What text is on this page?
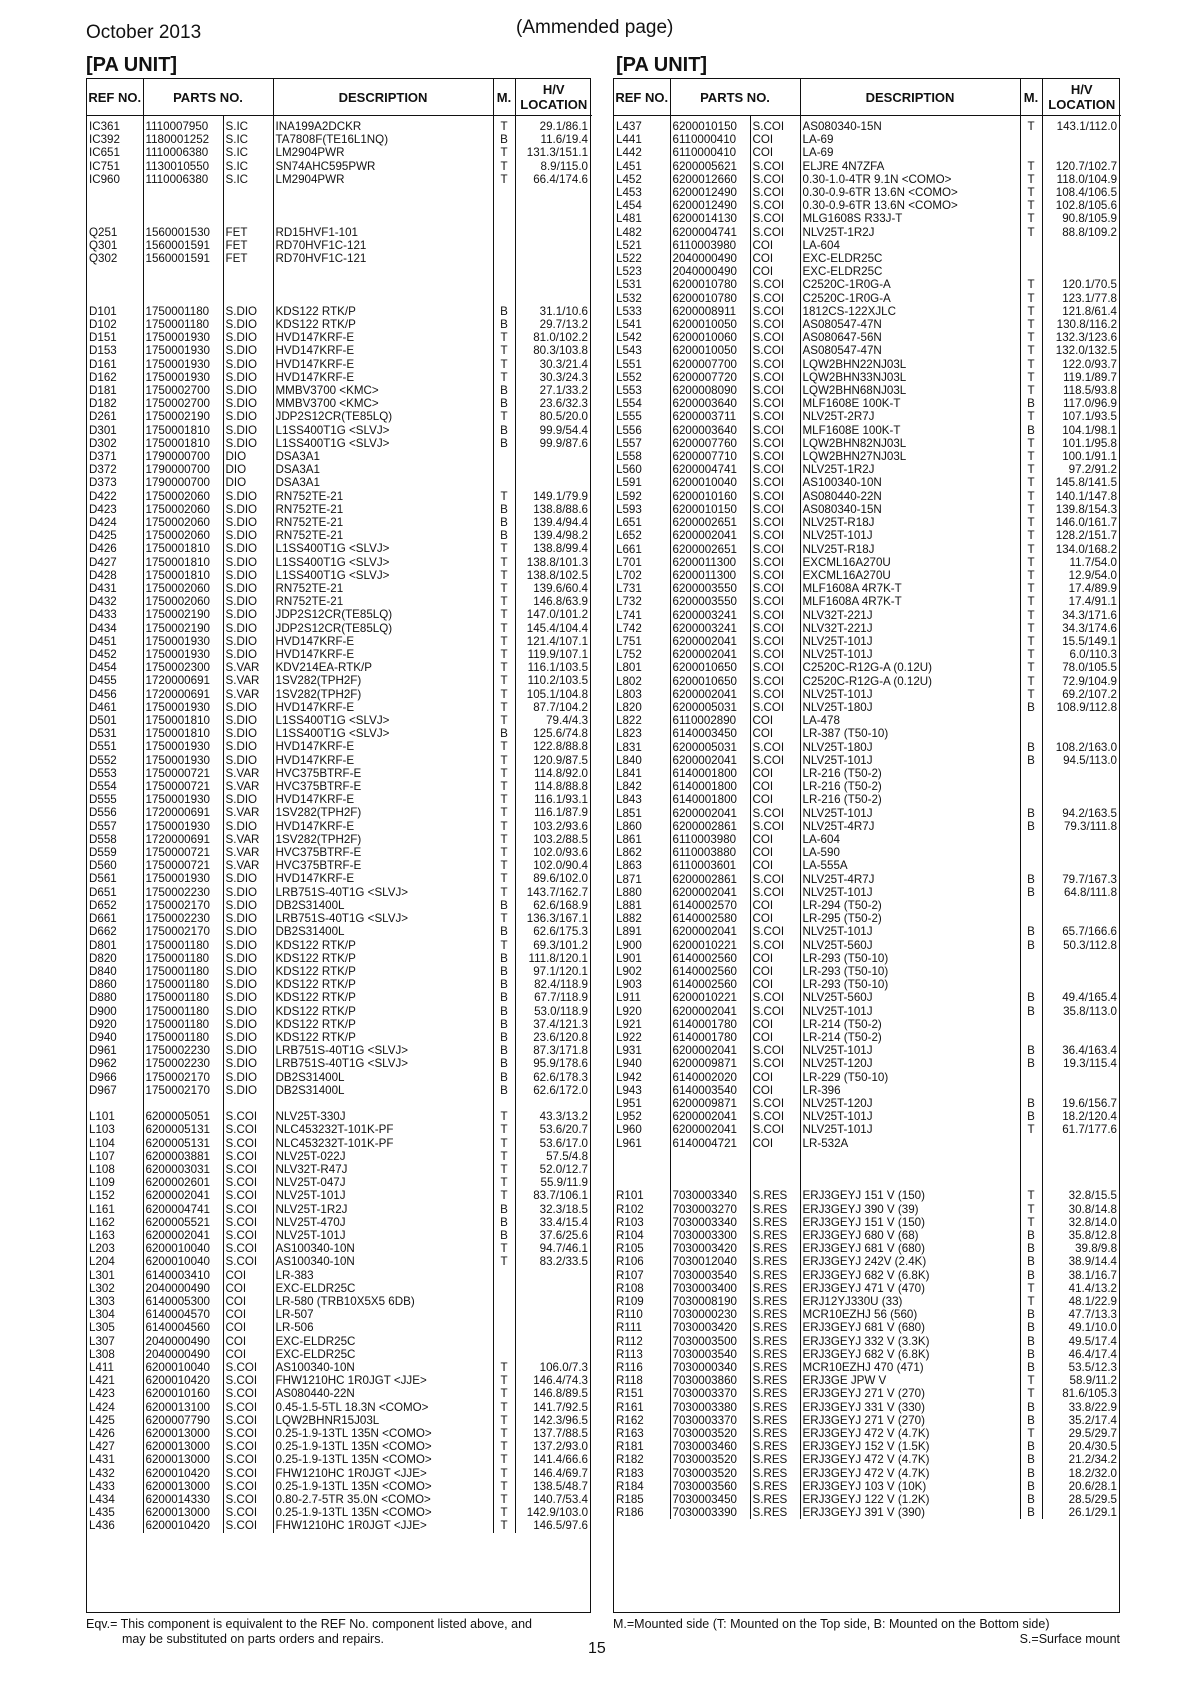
October 2013	(Ammended page)
[PA UNIT]	[PA UNIT]
REF NO.	PARTS NO.		DESCRIPTION	M.	H/V LOCATION
IC361	1110007950	S.IC	INA199A2DCKR	T	29.1/86.1
IC392	1180001252	S.IC	TA7808F(TE16L1NQ)	B	11.6/19.4
IC651	1110006380	S.IC	LM2904PWR	T	131.3/151.1
IC751	1130010550	S.IC	SN74AHC595PWR	T	8.9/115.0
IC960	1110006380	S.IC	LM2904PWR	T	66.4/174.6

Q251	1560001530	FET	RD15HVF1-101		
Q301	1560001591	FET	RD70HVF1C-121		
Q302	1560001591	FET	RD70HVF1C-121		

D101	1750001180	S.DIO	KDS122 RTK/P	B	31.1/10.6
D102	1750001180	S.DIO	KDS122 RTK/P	B	29.7/13.2
D151	1750001930	S.DIO	HVD147KRF-E	T	81.0/102.2
D153	1750001930	S.DIO	HVD147KRF-E	T	80.3/103.8
D161	1750001930	S.DIO	HVD147KRF-E	T	30.3/21.4
D162	1750001930	S.DIO	HVD147KRF-E	T	30.3/24.3
D181	1750002700	S.DIO	MMBV3700 <KMC>	B	27.1/33.2
D182	1750002700	S.DIO	MMBV3700 <KMC>	B	23.6/32.3
D261	1750002190	S.DIO	JDP2S12CR(TE85LQ)	T	80.5/20.0
D301	1750001810	S.DIO	L1SS400T1G <SLVJ>	B	99.9/54.4
D302	1750001810	S.DIO	L1SS400T1G <SLVJ>	B	99.9/87.6
D371	1790000700	DIO	DSA3A1		
D372	1790000700	DIO	DSA3A1		
D373	1790000700	DIO	DSA3A1		
D422	1750002060	S.DIO	RN752TE-21	T	149.1/79.9
D423	1750002060	S.DIO	RN752TE-21	B	138.8/88.6
D424	1750002060	S.DIO	RN752TE-21	B	139.4/94.4
D425	1750002060	S.DIO	RN752TE-21	B	139.4/98.2
D426	1750001810	S.DIO	L1SS400T1G <SLVJ>	T	138.8/99.4
D427	1750001810	S.DIO	L1SS400T1G <SLVJ>	T	138.8/101.3
D428	1750001810	S.DIO	L1SS400T1G <SLVJ>	T	138.8/102.5
D431	1750002060	S.DIO	RN752TE-21	T	139.6/60.4
D432	1750002060	S.DIO	RN752TE-21	T	146.8/63.9
D433	1750002190	S.DIO	JDP2S12CR(TE85LQ)	T	147.0/101.2
D434	1750002190	S.DIO	JDP2S12CR(TE85LQ)	T	145.4/104.4
D451	1750001930	S.DIO	HVD147KRF-E	T	121.4/107.1
D452	1750001930	S.DIO	HVD147KRF-E	T	119.9/107.1
D454	1750002300	S.VAR	KDV214EA-RTK/P	T	116.1/103.5
D455	1720000691	S.VAR	1SV282(TPH2F)	T	110.2/103.5
D456	1720000691	S.VAR	1SV282(TPH2F)	T	105.1/104.8
D461	1750001930	S.DIO	HVD147KRF-E	T	87.7/104.2
D501	1750001810	S.DIO	L1SS400T1G <SLVJ>	T	79.4/4.3
D531	1750001810	S.DIO	L1SS400T1G <SLVJ>	B	125.6/74.8
D551	1750001930	S.DIO	HVD147KRF-E	T	122.8/88.8
D552	1750001930	S.DIO	HVD147KRF-E	T	120.9/87.5
D553	1750000721	S.VAR	HVC375BTRF-E	T	114.8/92.0
D554	1750000721	S.VAR	HVC375BTRF-E	T	114.8/88.8
D555	1750001930	S.DIO	HVD147KRF-E	T	116.1/93.1
D556	1720000691	S.VAR	1SV282(TPH2F)	T	116.1/87.9
D557	1750001930	S.DIO	HVD147KRF-E	T	103.2/93.6
D558	1720000691	S.VAR	1SV282(TPH2F)	T	103.2/88.5
D559	1750000721	S.VAR	HVC375BTRF-E	T	102.0/93.6
D560	1750000721	S.VAR	HVC375BTRF-E	T	102.0/90.4
D561	1750001930	S.DIO	HVD147KRF-E	T	89.6/102.0
D651	1750002230	S.DIO	LRB751S-40T1G <SLVJ>	T	143.7/162.7
D652	1750002170	S.DIO	DB2S31400L	B	62.6/168.9
D661	1750002230	S.DIO	LRB751S-40T1G <SLVJ>	T	136.3/167.1
D662	1750002170	S.DIO	DB2S31400L	B	62.6/175.3
D801	1750001180	S.DIO	KDS122 RTK/P	T	69.3/101.2
D820	1750001180	S.DIO	KDS122 RTK/P	B	111.8/120.1
D840	1750001180	S.DIO	KDS122 RTK/P	B	97.1/120.1
D860	1750001180	S.DIO	KDS122 RTK/P	B	82.4/118.9
D880	1750001180	S.DIO	KDS122 RTK/P	B	67.7/118.9
D900	1750001180	S.DIO	KDS122 RTK/P	B	53.0/118.9
D920	1750001180	S.DIO	KDS122 RTK/P	B	37.4/121.3
D940	1750001180	S.DIO	KDS122 RTK/P	B	23.6/120.8
D961	1750002230	S.DIO	LRB751S-40T1G <SLVJ>	B	87.3/171.8
D962	1750002230	S.DIO	LRB751S-40T1G <SLVJ>	B	95.9/178.6
D966	1750002170	S.DIO	DB2S31400L	B	62.6/178.3
D967	1750002170	S.DIO	DB2S31400L	B	62.6/172.0

L101	6200005051	S.COI	NLV25T-330J	T	43.3/13.2
L103	6200005131	S.COI	NLC453232T-101K-PF	T	53.6/20.7
L104	6200005131	S.COI	NLC453232T-101K-PF	T	53.6/17.0
L107	6200003881	S.COI	NLV25T-022J	T	57.5/4.8
L108	6200003031	S.COI	NLV32T-R47J	T	52.0/12.7
L109	6200002601	S.COI	NLV25T-047J	T	55.9/11.9
L152	6200002041	S.COI	NLV25T-101J	T	83.7/106.1
L161	6200004741	S.COI	NLV25T-1R2J	B	32.3/18.5
L162	6200005521	S.COI	NLV25T-470J	B	33.4/15.4
L163	6200002041	S.COI	NLV25T-101J	B	37.6/25.6
L203	6200010040	S.COI	AS100340-10N	T	94.7/46.1
L204	6200010040	S.COI	AS100340-10N	T	83.2/33.5
L301	6140003410	COI	LR-383		
L302	2040000490	COI	EXC-ELDR25C		
L303	6140005300	COI	LR-580 (TRB10X5X5 6DB)		
L304	6140004570	COI	LR-507		
L305	6140004560	COI	LR-506		
L307	2040000490	COI	EXC-ELDR25C		
L308	2040000490	COI	EXC-ELDR25C		
L411	6200010040	S.COI	AS100340-10N	T	106.0/7.3
L421	6200010420	S.COI	FHW1210HC 1R0JGT <JJE>	T	146.4/74.3
L423	6200010160	S.COI	AS080440-22N	T	146.8/89.5
L424	6200013100	S.COI	0.45-1.5-5TL 18.3N <COMO>	T	141.7/92.5
L425	6200007790	S.COI	LQW2BHNR15J03L	T	142.3/96.5
L426	6200013000	S.COI	0.25-1.9-13TL 135N <COMO>	T	137.7/88.5
L427	6200013000	S.COI	0.25-1.9-13TL 135N <COMO>	T	137.2/93.0
L431	6200013000	S.COI	0.25-1.9-13TL 135N <COMO>	T	141.4/66.6
L432	6200010420	S.COI	FHW1210HC 1R0JGT <JJE>	T	146.4/69.7
L433	6200013000	S.COI	0.25-1.9-13TL 135N <COMO>	T	138.5/48.7
L434	6200014330	S.COI	0.80-2.7-5TR 35.0N <COMO>	T	140.7/53.4
L435	6200013000	S.COI	0.25-1.9-13TL 135N <COMO>	T	142.9/103.0
L436	6200010420	S.COI	FHW1210HC 1R0JGT <JJE>	T	146.5/97.6
REF NO.	PARTS NO.		DESCRIPTION	M.	H/V LOCATION
L437	6200010150	S.COI	AS080340-15N	T	143.1/112.0
L441	6110000410	COI	LA-69		
L442	6110000410	COI	LA-69		
L451	6200005621	S.COI	ELJRE 4N7ZFA	T	120.7/102.7
L452	6200012660	S.COI	0.30-1.0-4TR 9.1N <COMO>	T	118.0/104.9
L453	6200012490	S.COI	0.30-0.9-6TR 13.6N <COMO>	T	108.4/106.5
L454	6200012490	S.COI	0.30-0.9-6TR 13.6N <COMO>	T	102.8/105.6
L481	6200014130	S.COI	MLG1608S R33J-T	T	90.8/105.9
L482	6200004741	S.COI	NLV25T-1R2J	T	88.8/109.2
L521	6110003980	COI	LA-604		
L522	2040000490	COI	EXC-ELDR25C		
L523	2040000490	COI	EXC-ELDR25C		
L531	6200010780	S.COI	C2520C-1R0G-A	T	120.1/70.5
L532	6200010780	S.COI	C2520C-1R0G-A	T	123.1/77.8
L533	6200008911	S.COI	1812CS-122XJLC	T	121.8/61.4
L541	6200010050	S.COI	AS080547-47N	T	130.8/116.2
L542	6200010060	S.COI	AS080647-56N	T	132.3/123.6
L543	6200010050	S.COI	AS080547-47N	T	132.0/132.5
L551	6200007700	S.COI	LQW2BHN22NJ03L	T	122.0/93.7
L552	6200007720	S.COI	LQW2BHN33NJ03L	T	119.1/89.7
L553	6200008090	S.COI	LQW2BHN68NJ03L	T	118.5/93.8
L554	6200003640	S.COI	MLF1608E 100K-T	B	117.0/96.9
L555	6200003711	S.COI	NLV25T-2R7J	T	107.1/93.5
L556	6200003640	S.COI	MLF1608E 100K-T	B	104.1/98.1
L557	6200007760	S.COI	LQW2BHN82NJ03L	T	101.1/95.8
L558	6200007710	S.COI	LQW2BHN27NJ03L	T	100.1/91.1
L560	6200004741	S.COI	NLV25T-1R2J	T	97.2/91.2
L591	6200010040	S.COI	AS100340-10N	T	145.8/141.5
L592	6200010160	S.COI	AS080440-22N	T	140.1/147.8
L593	6200010150	S.COI	AS080340-15N	T	139.8/154.3
L651	6200002651	S.COI	NLV25T-R18J	T	146.0/161.7
L652	6200002041	S.COI	NLV25T-101J	T	128.2/151.7
L661	6200002651	S.COI	NLV25T-R18J	T	134.0/168.2
L701	6200011300	S.COI	EXCML16A270U	T	11.7/54.0
L702	6200011300	S.COI	EXCML16A270U	T	12.9/54.0
L731	6200003550	S.COI	MLF1608A 4R7K-T	T	17.4/89.9
L732	6200003550	S.COI	MLF1608A 4R7K-T	T	17.4/91.1
L741	6200003241	S.COI	NLV32T-221J	T	34.3/171.6
L742	6200003241	S.COI	NLV32T-221J	T	34.3/174.6
L751	6200002041	S.COI	NLV25T-101J	T	15.5/149.1
L752	6200002041	S.COI	NLV25T-101J	T	6.0/110.3
L801	6200010650	S.COI	C2520C-R12G-A (0.12U)	T	78.0/105.5
L802	6200010650	S.COI	C2520C-R12G-A (0.12U)	T	72.9/104.9
L803	6200002041	S.COI	NLV25T-101J	T	69.2/107.2
L820	6200005031	S.COI	NLV25T-180J	B	108.9/112.8
L822	6110002890	COI	LA-478		
L823	6140003450	COI	LR-387 (T50-10)		
L831	6200005031	S.COI	NLV25T-180J	B	108.2/163.0
L840	6200002041	S.COI	NLV25T-101J	B	94.5/113.0
L841	6140001800	COI	LR-216 (T50-2)		
L842	6140001800	COI	LR-216 (T50-2)		
L843	6140001800	COI	LR-216 (T50-2)		
L851	6200002041	S.COI	NLV25T-101J	B	94.2/163.5
L860	6200002861	S.COI	NLV25T-4R7J	B	79.3/111.8
L861	6110003980	COI	LA-604		
L862	6110003880	COI	LA-590		
L863	6110003601	COI	LA-555A		
L871	6200002861	S.COI	NLV25T-4R7J	B	79.7/167.3
L880	6200002041	S.COI	NLV25T-101J	B	64.8/111.8
L881	6140002570	COI	LR-294 (T50-2)		
L882	6140002580	COI	LR-295 (T50-2)		
L891	6200002041	S.COI	NLV25T-101J	B	65.7/166.6
L900	6200010221	S.COI	NLV25T-560J	B	50.3/112.8
L901	6140002560	COI	LR-293 (T50-10)		
L902	6140002560	COI	LR-293 (T50-10)		
L903	6140002560	COI	LR-293 (T50-10)		
L911	6200010221	S.COI	NLV25T-560J	B	49.4/165.4
L920	6200002041	S.COI	NLV25T-101J	B	35.8/113.0
L921	6140001780	COI	LR-214 (T50-2)		
L922	6140001780	COI	LR-214 (T50-2)		
L931	6200002041	S.COI	NLV25T-101J	B	36.4/163.4
L940	6200009871	S.COI	NLV25T-120J	B	19.3/115.4
L942	6140002020	COI	LR-229 (T50-10)		
L943	6140003540	COI	LR-396		
L951	6200009871	S.COI	NLV25T-120J	B	19.6/156.7
L952	6200002041	S.COI	NLV25T-101J	B	18.2/120.4
L960	6200002041	S.COI	NLV25T-101J	T	61.7/177.6
L961	6140004721	COI	LR-532A		

R101	7030003340	S.RES	ERJ3GEYJ 151 V (150)	T	32.8/15.5
R102	7030003270	S.RES	ERJ3GEYJ 390 V (39)	T	30.8/14.8
R103	7030003340	S.RES	ERJ3GEYJ 151 V (150)	T	32.8/14.0
R104	7030003300	S.RES	ERJ3GEYJ 680 V (68)	B	35.8/12.8
R105	7030003420	S.RES	ERJ3GEYJ 681 V (680)	B	39.8/9.8
R106	7030012040	S.RES	ERJ3GEYJ 242V (2.4K)	B	38.9/14.4
R107	7030003540	S.RES	ERJ3GEYJ 682 V (6.8K)	B	38.1/16.7
R108	7030003400	S.RES	ERJ3GEYJ 471 V (470)	T	41.4/13.2
R109	7030008190	S.RES	ERJ12YJ330U (33)	T	48.1/22.9
R110	7030000230	S.RES	MCR10EZHJ 56 (560)	B	47.7/13.3
R111	7030003420	S.RES	ERJ3GEYJ 681 V (680)	B	49.1/10.0
R112	7030003500	S.RES	ERJ3GEYJ 332 V (3.3K)	B	49.5/17.4
R113	7030003540	S.RES	ERJ3GEYJ 682 V (6.8K)	B	46.4/17.4
R116	7030000340	S.RES	MCR10EZHJ 470 (471)	B	53.5/12.3
R118	7030003860	S.RES	ERJ3GE JPW V	T	58.9/11.2
R151	7030003370	S.RES	ERJ3GEYJ 271 V (270)	T	81.6/105.3
R161	7030003380	S.RES	ERJ3GEYJ 331 V (330)	B	33.8/22.9
R162	7030003370	S.RES	ERJ3GEYJ 271 V (270)	B	35.2/17.4
R163	7030003520	S.RES	ERJ3GEYJ 472 V (4.7K)	T	29.5/29.7
R181	7030003460	S.RES	ERJ3GEYJ 152 V (1.5K)	B	20.4/30.5
R182	7030003520	S.RES	ERJ3GEYJ 472 V (4.7K)	B	21.2/34.2
R183	7030003520	S.RES	ERJ3GEYJ 472 V (4.7K)	B	18.2/32.0
R184	7030003560	S.RES	ERJ3GEYJ 103 V (10K)	B	20.6/28.1
R185	7030003450	S.RES	ERJ3GEYJ 122 V (1.2K)	B	28.5/29.5
R186	7030003390	S.RES	ERJ3GEYJ 391 V (390)	B	26.1/29.1
Eqv.= This component is equivalent to the REF No. component listed above, and
may be substituted on parts orders and repairs.
M.=Mounted side (T: Mounted on the Top side, B: Mounted on the Bottom side)
S.=Surface mount
15
